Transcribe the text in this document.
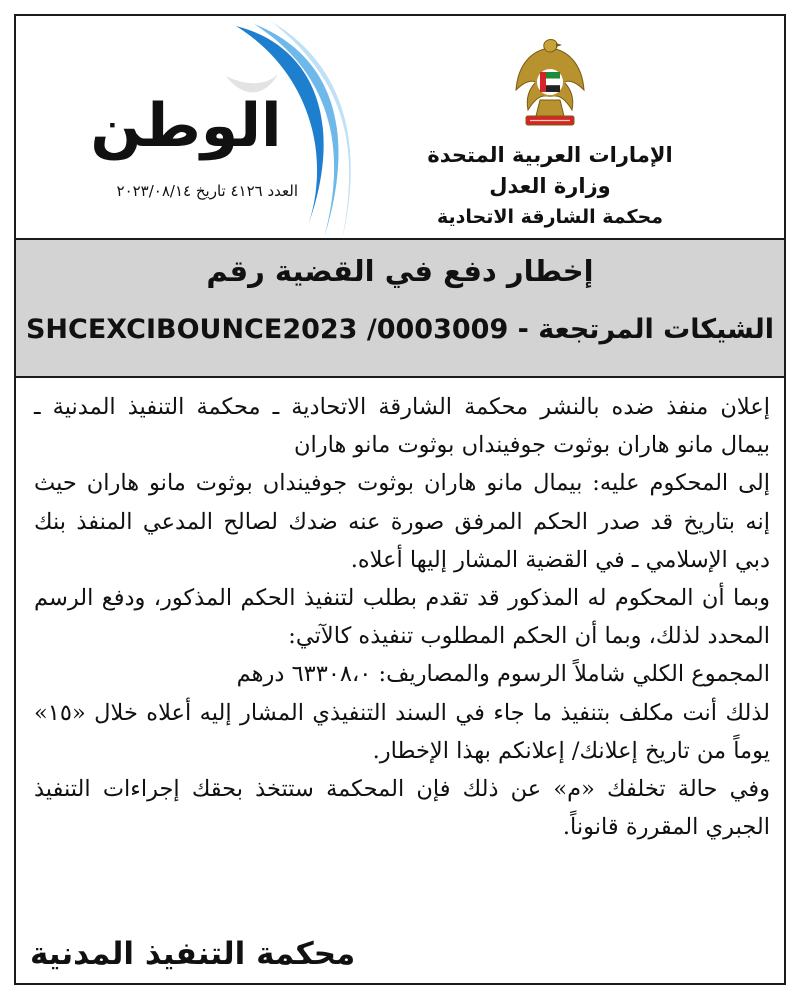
الإمارات العربية المتحدة
وزارة العدل
محكمة الشارقة الاتحادية
الوطن
العدد ٤١٢٦ تاريخ ٢٠٢٣/٠٨/١٤
إخطار دفع في القضية رقم
SHCEXCIBOUNCE2023 /0003009 - الشيكات المرتجعة

إعلان منفذ ضده بالنشر محكمة الشارقة الاتحادية ـ محكمة التنفيذ المدنية ـ بيمال مانو هاران بوثوت جوفينداں بوثوت مانو هاران

إلى المحكوم عليه: بيمال مانو هاران بوثوت جوفينداں بوثوت مانو هاران حيث إنه بتاريخ قد صدر الحكم المرفق صورة عنه ضدك لصالح المدعي المنفذ بنك دبي الإسلامي ـ في القضية المشار إليها أعلاه.

وبما أن المحكوم له المذكور قد تقدم بطلب لتنفيذ الحكم المذكور، ودفع الرسم المحدد لذلك، وبما أن الحكم المطلوب تنفيذه كالآتي:

المجموع الكلي شاملاً الرسوم والمصاريف: ٦٣٣٠٨،٠ درهم

لذلك أنت مكلف بتنفيذ ما جاء في السند التنفيذي المشار إليه أعلاه خلال «١٥» يوماً من تاريخ إعلانك/ إعلانكم بهذا الإخطار.

وفي حالة تخلفك «م» عن ذلك فإن المحكمة ستتخذ بحقك إجراءات التنفيذ الجبري المقررة قانوناً.

محكمة التنفيذ المدنية
